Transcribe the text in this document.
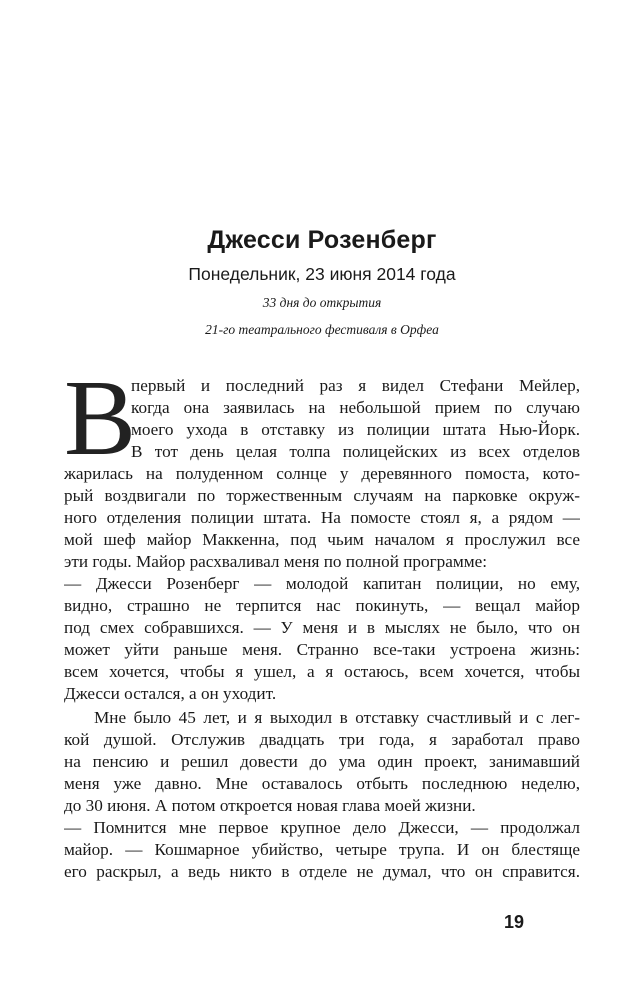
Джесси Розенберг
Понедельник, 23 июня 2014 года
33 дня до открытия
21-го театрального фестиваля в Орфеа
В
первый и последний раз я видел Стефани Мейлер,
когда она заявилась на небольшой прием по случаю
моего ухода в отставку из полиции штата Нью-Йорк.
В тот день целая толпа полицейских из всех отделов
жарилась на полуденном солнце у деревянного помоста, кото-
рый воздвигали по торжественным случаям на парковке окруж-
ного отделения полиции штата. На помосте стоял я, а рядом —
мой шеф майор Маккенна, под чьим началом я прослужил все
эти годы. Майор расхваливал меня по полной программе:
— Джесси Розенберг — молодой капитан полиции, но ему,
видно, страшно не терпится нас покинуть, — вещал майор
под смех собравшихся. — У меня и в мыслях не было, что он
может уйти раньше меня. Странно все-таки устроена жизнь:
всем хочется, чтобы я ушел, а я остаюсь, всем хочется, чтобы
Джесси остался, а он уходит.
Мне было 45 лет, и я выходил в отставку счастливый и с лег-
кой душой. Отслужив двадцать три года, я заработал право
на пенсию и решил довести до ума один проект, занимавший
меня уже давно. Мне оставалось отбыть последнюю неделю,
до 30 июня. А потом откроется новая глава моей жизни.
— Помнится мне первое крупное дело Джесси, — продолжал
майор. — Кошмарное убийство, четыре трупа. И он блестяще
его раскрыл, а ведь никто в отделе не думал, что он справится.
19
